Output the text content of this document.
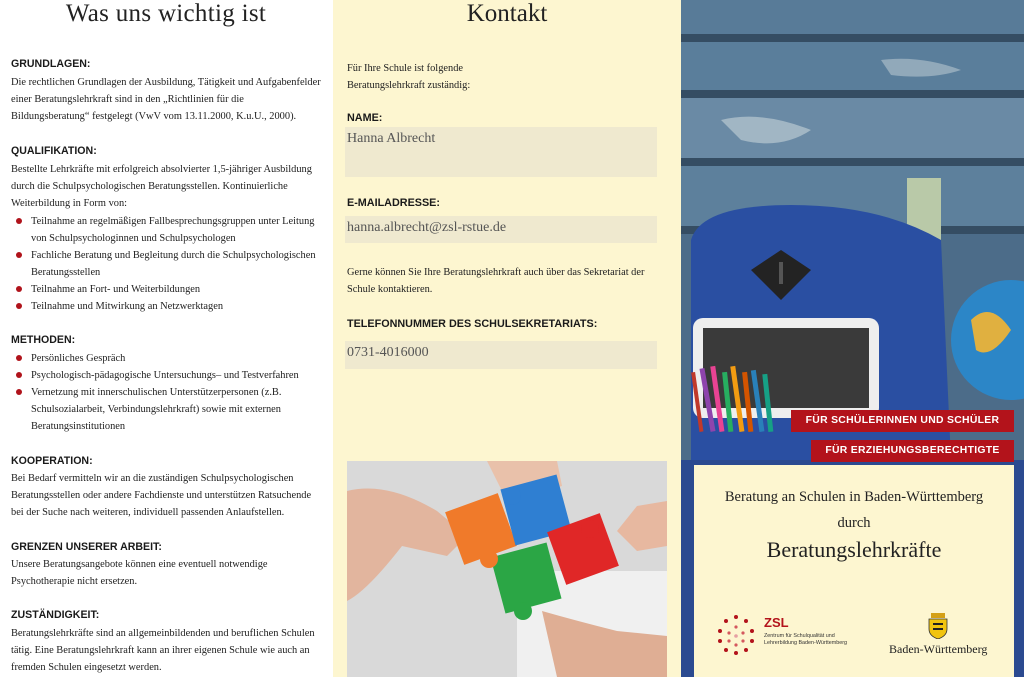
Was uns wichtig ist

GRUNDLAGEN:

Die rechtlichen Grundlagen der Ausbildung, Tätigkeit und Aufgabenfelder einer Beratungslehrkraft sind in den „Richtlinien für die Bildungsberatung“ festgelegt (VwV vom 13.11.2000, K.u.U., 2000).

QUALIFIKATION:

Bestellte Lehrkräfte mit erfolgreich absolvierter 1,5-jähriger Ausbildung durch die Schulpsychologischen Beratungsstellen. Kontinuierliche Weiterbildung in Form von:

Teilnahme an regelmäßigen Fallbesprechungsgruppen unter Leitung von Schulpsychologinnen und Schulpsychologen
Fachliche Beratung und Begleitung durch die Schulpsychologischen Beratungsstellen
Teilnahme an Fort- und Weiterbildungen
Teilnahme und Mitwirkung an Netzwerktagen

METHODEN:

Persönliches Gespräch
Psychologisch-pädagogische Untersuchungs– und Testverfahren
Vernetzung mit innerschulischen Unterstützerpersonen (z.B. Schulsozialarbeit, Verbindungslehrkraft) sowie mit externen Beratungsinstitutionen

KOOPERATION:

Bei Bedarf vermitteln wir an die zuständigen Schulpsychologischen Beratungsstellen oder andere Fachdienste und unterstützen Ratsuchende bei der Suche nach weiteren, individuell passenden Anlaufstellen.

GRENZEN UNSERER ARBEIT:

Unsere Beratungsangebote können eine eventuell notwendige Psychotherapie nicht ersetzen.

ZUSTÄNDIGKEIT:

Beratungslehrkräfte sind an allgemeinbildenden und beruflichen Schulen tätig. Eine Beratungslehrkraft kann an ihrer eigenen Schule wie auch an fremden Schulen eingesetzt werden.

Kontakt

Für Ihre Schule ist folgende Beratungslehrkraft zuständig:

NAME:

Hanna Albrecht

E-MAILADRESSE:

hanna.albrecht@zsl-rstue.de

Gerne können Sie Ihre Beratungslehrkraft auch über das Sekretariat der Schule kontaktieren.

TELEFONNUMMER DES SCHULSEKRETARIATS:

0731-4016000
FÜR SCHÜLERINNEN UND SCHÜLER
FÜR ERZIEHUNGSBERECHTIGTE
Beratung an Schulen in Baden-Württemberg
durch
Beratungslehrkräfte
ZSL
Zentrum für Schulqualität und Lehrerbildung Baden-Württemberg	Baden-Württemberg
